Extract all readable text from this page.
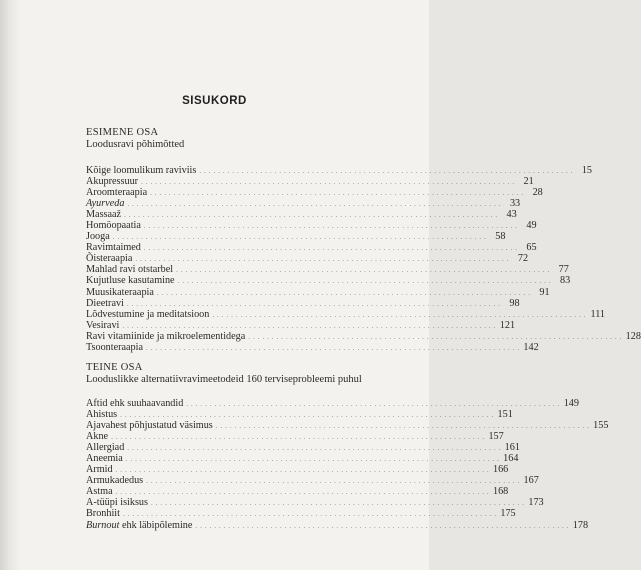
SISUKORD
ESIMENE OSA
Loodusravi põhimõtted
Kõige loomulikum raviviis . . . . . . . . . . . . . . . . . . . . . . . . . . . . . . . . . . . . . . . . . . . . . . . . . . . . . . . . . . . . . . . . . . . . . . . . . . . . . . . . 15
Akupressuur . . . . . . . . . . . . . . . . . . . . . . . . . . . . . . . . . . . . . . . . . . . . . . . . . . . . . . . . . . . . . . . . . . . . . . . . . . . . . . . . 21
Aroomteraapia . . . . . . . . . . . . . . . . . . . . . . . . . . . . . . . . . . . . . . . . . . . . . . . . . . . . . . . . . . . . . . . . . . . . . . . . . . . . . . . . 28
Ayurveda . . . . . . . . . . . . . . . . . . . . . . . . . . . . . . . . . . . . . . . . . . . . . . . . . . . . . . . . . . . . . . . . . . . . . . . . . . . . . . . . 33
Massaaž . . . . . . . . . . . . . . . . . . . . . . . . . . . . . . . . . . . . . . . . . . . . . . . . . . . . . . . . . . . . . . . . . . . . . . . . . . . . . . . . 43
Homöopaatia . . . . . . . . . . . . . . . . . . . . . . . . . . . . . . . . . . . . . . . . . . . . . . . . . . . . . . . . . . . . . . . . . . . . . . . . . . . . . . . . 49
Jooga . . . . . . . . . . . . . . . . . . . . . . . . . . . . . . . . . . . . . . . . . . . . . . . . . . . . . . . . . . . . . . . . . . . . . . . . . . . . . . . . 58
Ravimtaimed . . . . . . . . . . . . . . . . . . . . . . . . . . . . . . . . . . . . . . . . . . . . . . . . . . . . . . . . . . . . . . . . . . . . . . . . . . . . . . . . 65
Õisteraapia . . . . . . . . . . . . . . . . . . . . . . . . . . . . . . . . . . . . . . . . . . . . . . . . . . . . . . . . . . . . . . . . . . . . . . . . . . . . . . . . 72
Mahlad ravi otstarbel . . . . . . . . . . . . . . . . . . . . . . . . . . . . . . . . . . . . . . . . . . . . . . . . . . . . . . . . . . . . . . . . . . . . . . . . . . . . . . . . 77
Kujutluse kasutamine . . . . . . . . . . . . . . . . . . . . . . . . . . . . . . . . . . . . . . . . . . . . . . . . . . . . . . . . . . . . . . . . . . . . . . . . . . . . . . . . 83
Muusikateraapia . . . . . . . . . . . . . . . . . . . . . . . . . . . . . . . . . . . . . . . . . . . . . . . . . . . . . . . . . . . . . . . . . . . . . . . . . . . . . . . . 91
Dieetravi . . . . . . . . . . . . . . . . . . . . . . . . . . . . . . . . . . . . . . . . . . . . . . . . . . . . . . . . . . . . . . . . . . . . . . . . . . . . . . . . 98
Lõdvestumine ja meditatsioon . . . . . . . . . . . . . . . . . . . . . . . . . . . . . . . . . . . . . . . . . . . . . . . . . . . . . . . . . . . . . . . . . . . . . . . . . . . . . . . . 111
Vesiravi . . . . . . . . . . . . . . . . . . . . . . . . . . . . . . . . . . . . . . . . . . . . . . . . . . . . . . . . . . . . . . . . . . . . . . . . . . . . . . . . 121
Ravi vitamiinide ja mikroelementidega . . . . . . . . . . . . . . . . . . . . . . . . . . . . . . . . . . . . . . . . . . . . . . . . . . . . . . . . . . . . . . . . . . . . . . . . . . . . . . . . 128
Tsoonteraapia . . . . . . . . . . . . . . . . . . . . . . . . . . . . . . . . . . . . . . . . . . . . . . . . . . . . . . . . . . . . . . . . . . . . . . . . . . . . . . . . 142
TEINE OSA
Looduslikke alternatiivravimeetodeid 160 terviseprobleemi puhul
Aftid ehk suuhaavandid . . . . . . . . . . . . . . . . . . . . . . . . . . . . . . . . . . . . . . . . . . . . . . . . . . . . . . . . . . . . . . . . . . . . . . . . . . . . . . . . 149
Ahistus . . . . . . . . . . . . . . . . . . . . . . . . . . . . . . . . . . . . . . . . . . . . . . . . . . . . . . . . . . . . . . . . . . . . . . . . . . . . . . . . 151
Ajavahest põhjustatud väsimus . . . . . . . . . . . . . . . . . . . . . . . . . . . . . . . . . . . . . . . . . . . . . . . . . . . . . . . . . . . . . . . . . . . . . . . . . . . . . . . . 155
Akne . . . . . . . . . . . . . . . . . . . . . . . . . . . . . . . . . . . . . . . . . . . . . . . . . . . . . . . . . . . . . . . . . . . . . . . . . . . . . . . . 157
Allergiad . . . . . . . . . . . . . . . . . . . . . . . . . . . . . . . . . . . . . . . . . . . . . . . . . . . . . . . . . . . . . . . . . . . . . . . . . . . . . . . . 161
Aneemia . . . . . . . . . . . . . . . . . . . . . . . . . . . . . . . . . . . . . . . . . . . . . . . . . . . . . . . . . . . . . . . . . . . . . . . . . . . . . . . . 164
Armid . . . . . . . . . . . . . . . . . . . . . . . . . . . . . . . . . . . . . . . . . . . . . . . . . . . . . . . . . . . . . . . . . . . . . . . . . . . . . . . . 166
Armukadedus . . . . . . . . . . . . . . . . . . . . . . . . . . . . . . . . . . . . . . . . . . . . . . . . . . . . . . . . . . . . . . . . . . . . . . . . . . . . . . . . 167
Astma . . . . . . . . . . . . . . . . . . . . . . . . . . . . . . . . . . . . . . . . . . . . . . . . . . . . . . . . . . . . . . . . . . . . . . . . . . . . . . . . 168
A-tüüpi isiksus . . . . . . . . . . . . . . . . . . . . . . . . . . . . . . . . . . . . . . . . . . . . . . . . . . . . . . . . . . . . . . . . . . . . . . . . . . . . . . . . 173
Bronhiit . . . . . . . . . . . . . . . . . . . . . . . . . . . . . . . . . . . . . . . . . . . . . . . . . . . . . . . . . . . . . . . . . . . . . . . . . . . . . . . . 175
Burnout ehk läbipõlemine . . . . . . . . . . . . . . . . . . . . . . . . . . . . . . . . . . . . . . . . . . . . . . . . . . . . . . . . . . . . . . . . . . . . . . . . . . . . . . . . 178
